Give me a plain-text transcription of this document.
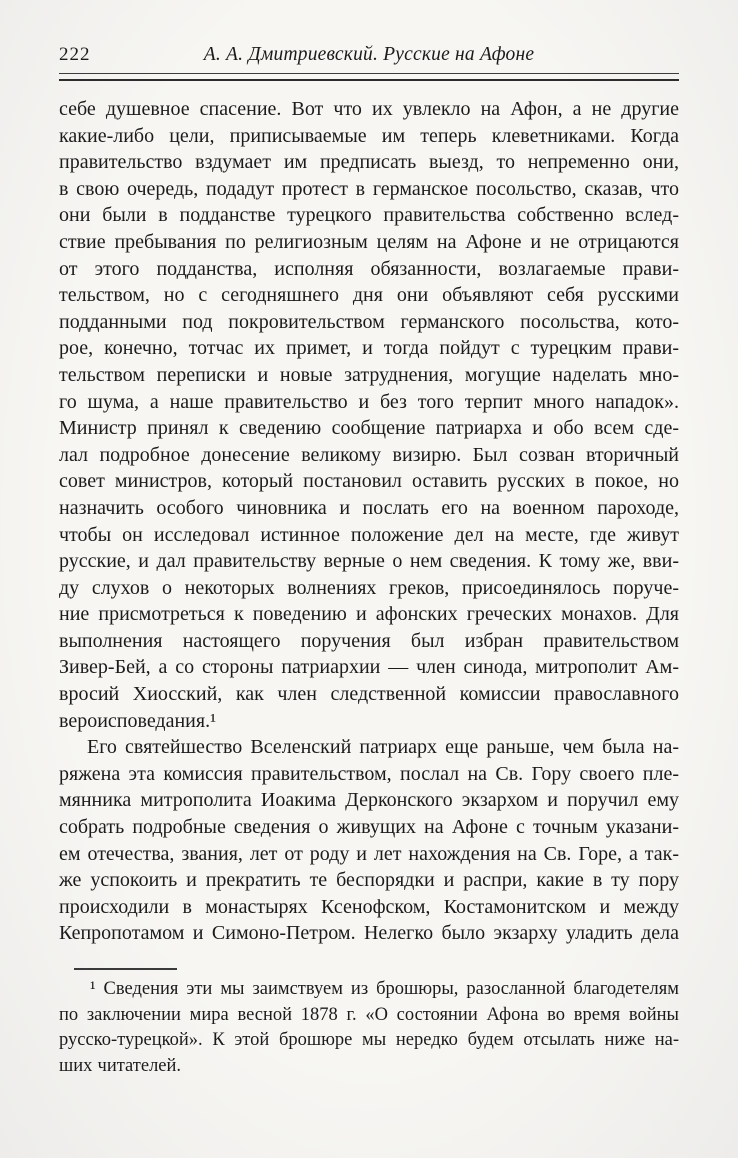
222	А. А. Дмитриевский. Русские на Афоне
себе душевное спасение. Вот что их увлекло на Афон, а не другие
какие-либо цели, приписываемые им теперь клеветниками. Когда
правительство вздумает им предписать выезд, то непременно они,
в свою очередь, подадут протест в германское посольство, сказав, что
они были в подданстве турецкого правительства собственно вслед-
ствие пребывания по религиозным целям на Афоне и не отрицаются
от этого подданства, исполняя обязанности, возлагаемые прави-
тельством, но с сегодняшнего дня они объявляют себя русскими
подданными под покровительством германского посольства, кото-
рое, конечно, тотчас их примет, и тогда пойдут с турецким прави-
тельством переписки и новые затруднения, могущие наделать мно-
го шума, а наше правительство и без того терпит много нападок».
Министр принял к сведению сообщение патриарха и обо всем сде-
лал подробное донесение великому визирю. Был созван вторичный
совет министров, который постановил оставить русских в покое, но
назначить особого чиновника и послать его на военном пароходе,
чтобы он исследовал истинное положение дел на месте, где живут
русские, и дал правительству верные о нем сведения. К тому же, вви-
ду слухов о некоторых волнениях греков, присоединялось поруче-
ние присмотреться к поведению и афонских греческих монахов. Для
выполнения настоящего поручения был избран правительством
Зивер-Бей, а со стороны патриархии — член синода, митрополит Ам-
вросий Хиосский, как член следственной комиссии православного
вероисповедания.¹
Его святейшество Вселенский патриарх еще раньше, чем была на-
ряжена эта комиссия правительством, послал на Св. Гору своего пле-
мянника митрополита Иоакима Дерконского экзархом и поручил ему
собрать подробные сведения о живущих на Афоне с точным указани-
ем отечества, звания, лет от роду и лет нахождения на Св. Горе, а так-
же успокоить и прекратить те беспорядки и распри, какие в ту пору
происходили в монастырях Ксенофском, Костамонитском и между
Кепропотамом и Симоно-Петром. Нелегко было экзарху уладить дела
¹ Сведения эти мы заимствуем из брошюры, разосланной благодетелям
по заключении мира весной 1878 г. «О состоянии Афона во время войны
русско-турецкой». К этой брошюре мы нередко будем отсылать ниже на-
ших читателей.
